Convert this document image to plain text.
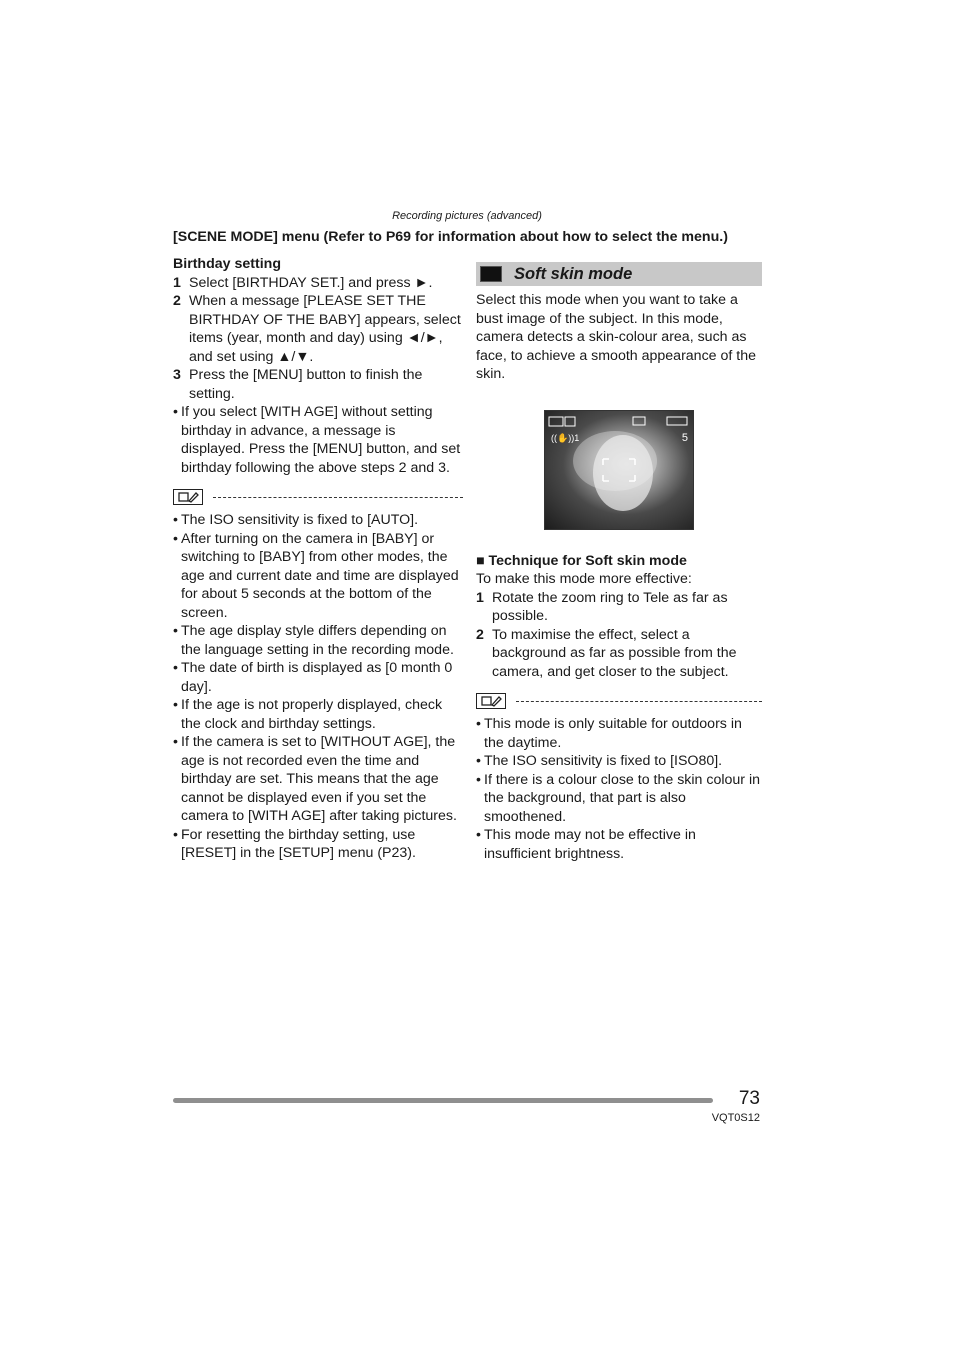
Recording pictures (advanced)
[SCENE MODE] menu (Refer to P69 for information about how to select the menu.)
Birthday setting
1 Select [BIRTHDAY SET.] and press ►.
2 When a message [PLEASE SET THE BIRTHDAY OF THE BABY] appears, select items (year, month and day) using ◄/►, and set using ▲/▼.
3 Press the [MENU] button to finish the setting.
• If you select [WITH AGE] without setting birthday in advance, a message is displayed. Press the [MENU] button, and set birthday following the above steps 2 and 3.
• The ISO sensitivity is fixed to [AUTO].
• After turning on the camera in [BABY] or switching to [BABY] from other modes, the age and current date and time are displayed for about 5 seconds at the bottom of the screen.
• The age display style differs depending on the language setting in the recording mode.
• The date of birth is displayed as [0 month 0 day].
• If the age is not properly displayed, check the clock and birthday settings.
• If the camera is set to [WITHOUT AGE], the age is not recorded even the time and birthday are set. This means that the age cannot be displayed even if you set the camera to [WITH AGE] after taking pictures.
• For resetting the birthday setting, use [RESET] in the [SETUP] menu (P23).
Soft skin mode
Select this mode when you want to take a bust image of the subject. In this mode, camera detects a skin-colour area, such as face, to achieve a smooth appearance of the skin.
((✋))1	5
■ Technique for Soft skin mode
To make this mode more effective:
1 Rotate the zoom ring to Tele as far as possible.
2 To maximise the effect, select a background as far as possible from the camera, and get closer to the subject.
• This mode is only suitable for outdoors in the daytime.
• The ISO sensitivity is fixed to [ISO80].
• If there is a colour close to the skin colour in the background, that part is also smoothened.
• This mode may not be effective in insufficient brightness.
73
VQT0S12
